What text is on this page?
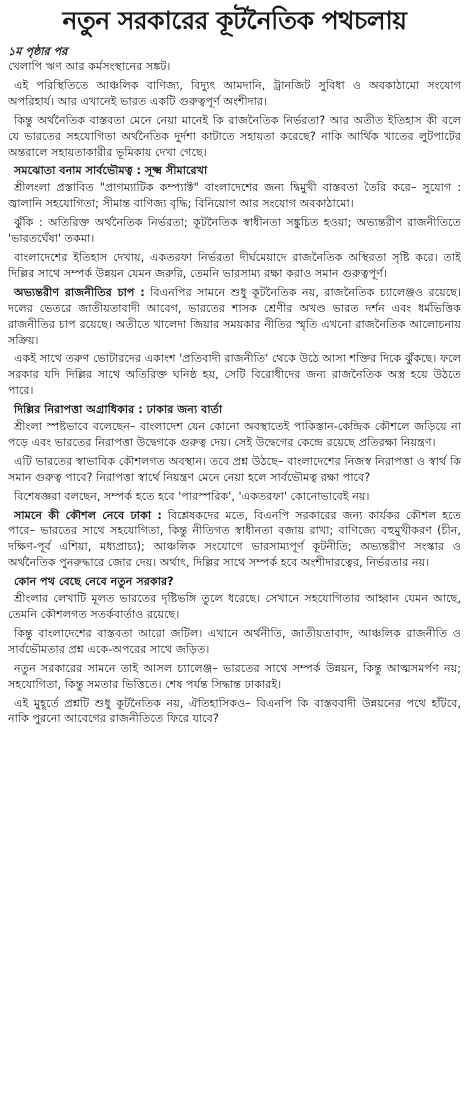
নতুন সরকারের কূটনৈতিক পথচলায়
১ম পৃষ্ঠার পর

খেলাপি ঋণ আর কর্মসংস্থানের সঙ্কট।

এই পরিস্থিতিতে আঞ্চলিক বাণিজ্য, বিদ্যুৎ আমদানি, ট্রানজিট সুবিধা ও অবকাঠামো সংযোগ অপরিহার্য। আর এখানেই ভারত একটি গুরুত্বপূর্ণ অংশীদার।

কিন্তু অর্থনৈতিক বাস্তবতা মেনে নেয়া মানেই কি রাজনৈতিক নির্ভরতা? আর অতীত ইতিহাস কী বলে যে ভারতের সহযোগিতা অর্থনৈতিক দুর্দশা কাটাতে সহায়তা করেছে? নাকি আর্থিক খাতের লুটপাটের অন্তরালে সহায়তাকারীর ভূমিকায় দেখা গেছে।

সমঝোতা বনাম সার্বভৌমত্ব : সূক্ষ্ম সীমারেখা

শ্রীলংলা প্রস্তাবিত "প্রাগম্যাটিক কম্প্যাক্ট" বাংলাদেশের জন্য দ্বিমুখী বাস্তবতা তৈরি করে– সুযোগ : জ্বালানি সহযোগিতা; সীমান্ত বাণিজ্য বৃদ্ধি; বিনিয়োগ আর সংযোগ অবকাঠামো।

ঝুঁকি : অতিরিক্ত অর্থনৈতিক নির্ভরতা; কূটনৈতিক স্বাধীনতা সঙ্কুচিত হওয়া; অভ্যন্তরীণ রাজনীতিতে 'ভারতঘেঁষা' তকমা।

বাংলাদেশের ইতিহাস দেখায়, একতরফা নির্ভরতা দীর্ঘমেয়াদে রাজনৈতিক অস্থিরতা সৃষ্টি করে। তাই দিল্লির সাথে সম্পর্ক উন্নয়ন যেমন জরুরি, তেমনি ভারসাম্য রক্ষা করাও সমান গুরুত্বপূর্ণ।

অভ্যন্তরীণ রাজনীতির চাপ : বিএনপির সামনে শুধু কূটনৈতিক নয়, রাজনৈতিক চ্যালেঞ্জও রয়েছে। দলের ভেতরে জাতীয়তাবাদী আবেগ, ভারতের শাসক শ্রেণীর অখণ্ড ভারত দর্শন এবং ধর্মভিত্তিক রাজনীতির চাপ রয়েছে। অতীতে খালেদা জিয়ার সময়কার নীতির স্মৃতি এখনো রাজনৈতিক আলোচনায় সক্রিয়।

একই সাথে তরুণ ভোটারদের একাংশ 'প্রতিবাদী রাজনীতি' থেকে উঠে আসা শক্তির দিকে ঝুঁকছে। ফলে সরকার যদি দিল্লির সাথে অতিরিক্ত ঘনিষ্ঠ হয়, সেটি বিরোধীদের জন্য রাজনৈতিক অস্ত্র হয়ে উঠতে পারে।

দিল্লির নিরাপত্তা অগ্রাধিকার : ঢাকার জন্য বার্তা

শ্রীংলা স্পষ্টভাবে বলেছেন– বাংলাদেশ যেন কোনো অবস্থাতেই পাকিস্তান-কেন্দ্রিক কৌশলে জড়িয়ে না পড়ে এবং ভারতের নিরাপত্তা উদ্বেগকে গুরুত্ব দেয়। সেই উদ্বেগের কেন্দ্রে রয়েছে প্রতিরক্ষা নিয়ন্ত্রণ।

এটি ভারতের স্বাভাবিক কৌশলগত অবস্থান। তবে প্রশ্ন উঠছে– বাংলাদেশের নিজস্ব নিরাপত্তা ও স্বার্থ কি সমান গুরুত্ব পাবে? নিরাপত্তা স্বার্থে নিয়ন্ত্রণ মেনে নেয়া হলে সার্বভৌমত্ব রক্ষা পাবে?

বিশেষজ্ঞরা বলছেন, সম্পর্ক হতে হবে 'পারস্পরিক', 'একতরফা' কোনোভাবেই নয়।

সামনে কী কৌশল নেবে ঢাকা : বিশ্লেষকদের মতে, বিএনপি সরকারের জন্য কার্যকর কৌশল হতে পারে– ভারতের সাথে সহযোগিতা, কিন্তু নীতিগত স্বাধীনতা বজায় রাখা; বাণিজ্যে বহুমুখীকরণ (চীন, দক্ষিণ-পূর্ব এশিয়া, মধ্যপ্রাচ্য); আঞ্চলিক সংযোগে ভারসাম্যপূর্ণ কূটনীতি; অভ্যন্তরীণ সংস্কার ও অর্থনৈতিক পুনরুদ্ধারে জোর দেয়। অর্থাৎ, দিল্লির সাথে সম্পর্ক হবে অংশীদারত্বের, নির্ভরতার নয়।

কোন পথ বেছে নেবে নতুন সরকার?

শ্রীংলার লেখাটি মূলত ভারতের দৃষ্টিভঙ্গি তুলে ধরেছে। সেখানে সহযোগিতার আহ্বান যেমন আছে, তেমনি কৌশলগত সতর্কবার্তাও রয়েছে।

কিন্তু বাংলাদেশের বাস্তবতা আরো জটিল। এখানে অর্থনীতি, জাতীয়তাবাদ, আঞ্চলিক রাজনীতি ও সার্বভৌমতার প্রশ্ন একে-অপরের সাথে জড়িত।

নতুন সরকারের সামনে তাই আসল চ্যালেঞ্জ– ভারতের সাথে সম্পর্ক উন্নয়ন, কিন্তু আত্মসমর্পণ নয়; সহযোগিতা, কিন্তু সমতার ভিত্তিতে। শেষ পর্যন্ত সিদ্ধান্ত ঢাকারই।

এই মুহূর্তে প্রশ্নটি শুধু কূটনৈতিক নয়, ঐতিহাসিকও– বিএনপি কি বাস্তববাদী উন্নয়নের পথে হাঁটবে, নাকি পুরনো আবেগের রাজনীতিতে ফিরে যাবে?
